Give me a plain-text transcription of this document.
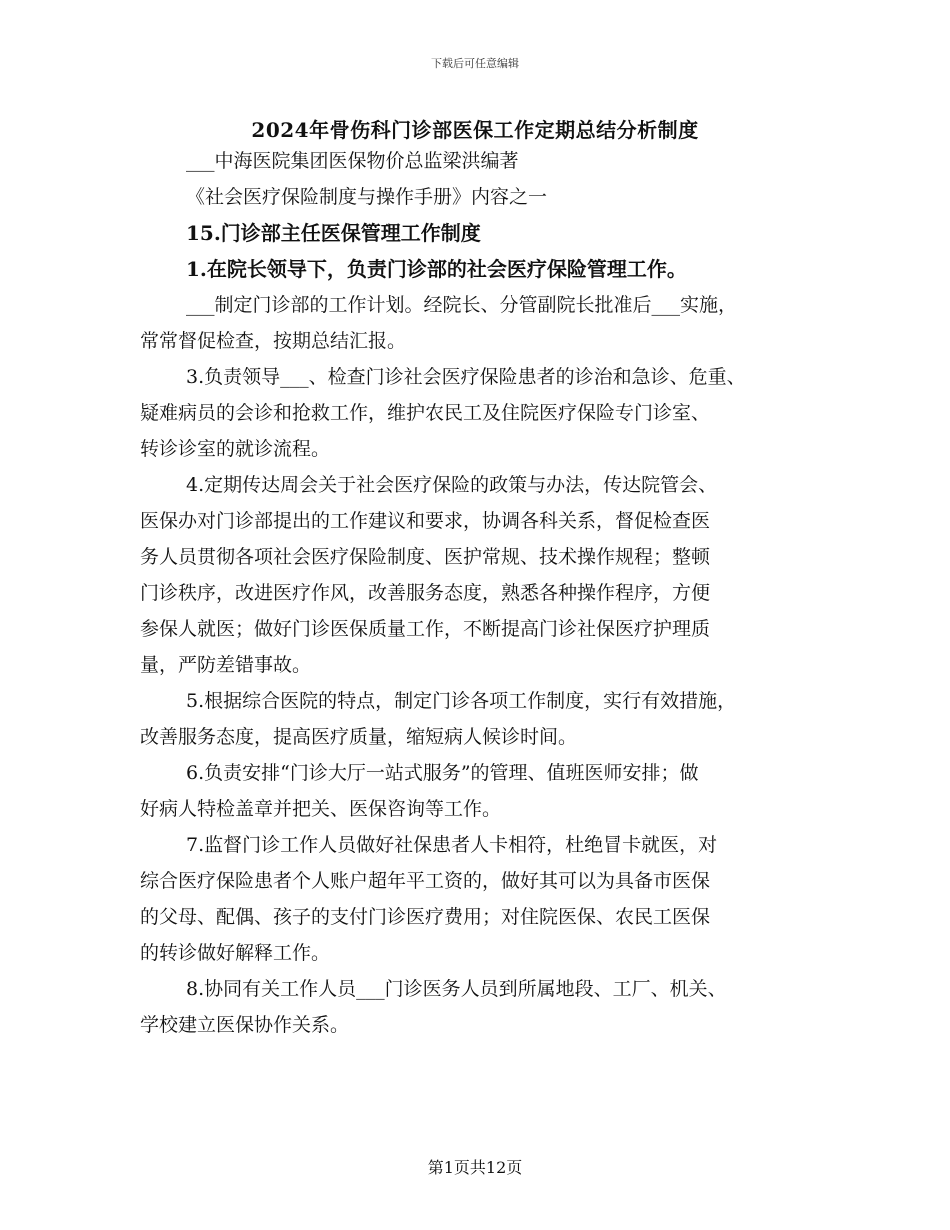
下载后可任意编辑
2024年骨伤科门诊部医保工作定期总结分析制度
___中海医院集团医保物价总监梁洪编著
《社会医疗保险制度与操作手册》内容之一
15.门诊部主任医保管理工作制度
1.在院长领导下，负责门诊部的社会医疗保险管理工作。
___制定门诊部的工作计划。经院长、分管副院长批准后___实施，
常常督促检查，按期总结汇报。
3.负责领导___、检查门诊社会医疗保险患者的诊治和急诊、危重、
疑难病员的会诊和抢救工作，维护农民工及住院医疗保险专门诊室、
转诊诊室的就诊流程。
4.定期传达周会关于社会医疗保险的政策与办法，传达院管会、
医保办对门诊部提出的工作建议和要求，协调各科关系，督促检查医
务人员贯彻各项社会医疗保险制度、医护常规、技术操作规程；整顿
门诊秩序，改进医疗作风，改善服务态度，熟悉各种操作程序，方便
参保人就医；做好门诊医保质量工作，不断提高门诊社保医疗护理质
量，严防差错事故。
5.根据综合医院的特点，制定门诊各项工作制度，实行有效措施，
改善服务态度，提高医疗质量，缩短病人候诊时间。
6.负责安排“门诊大厅一站式服务”的管理、值班医师安排；做
好病人特检盖章并把关、医保咨询等工作。
7.监督门诊工作人员做好社保患者人卡相符，杜绝冒卡就医，对
综合医疗保险患者个人账户超年平工资的，做好其可以为具备市医保
的父母、配偶、孩子的支付门诊医疗费用；对住院医保、农民工医保
的转诊做好解释工作。
8.协同有关工作人员___门诊医务人员到所属地段、工厂、机关、
学校建立医保协作关系。
第1页共12页
